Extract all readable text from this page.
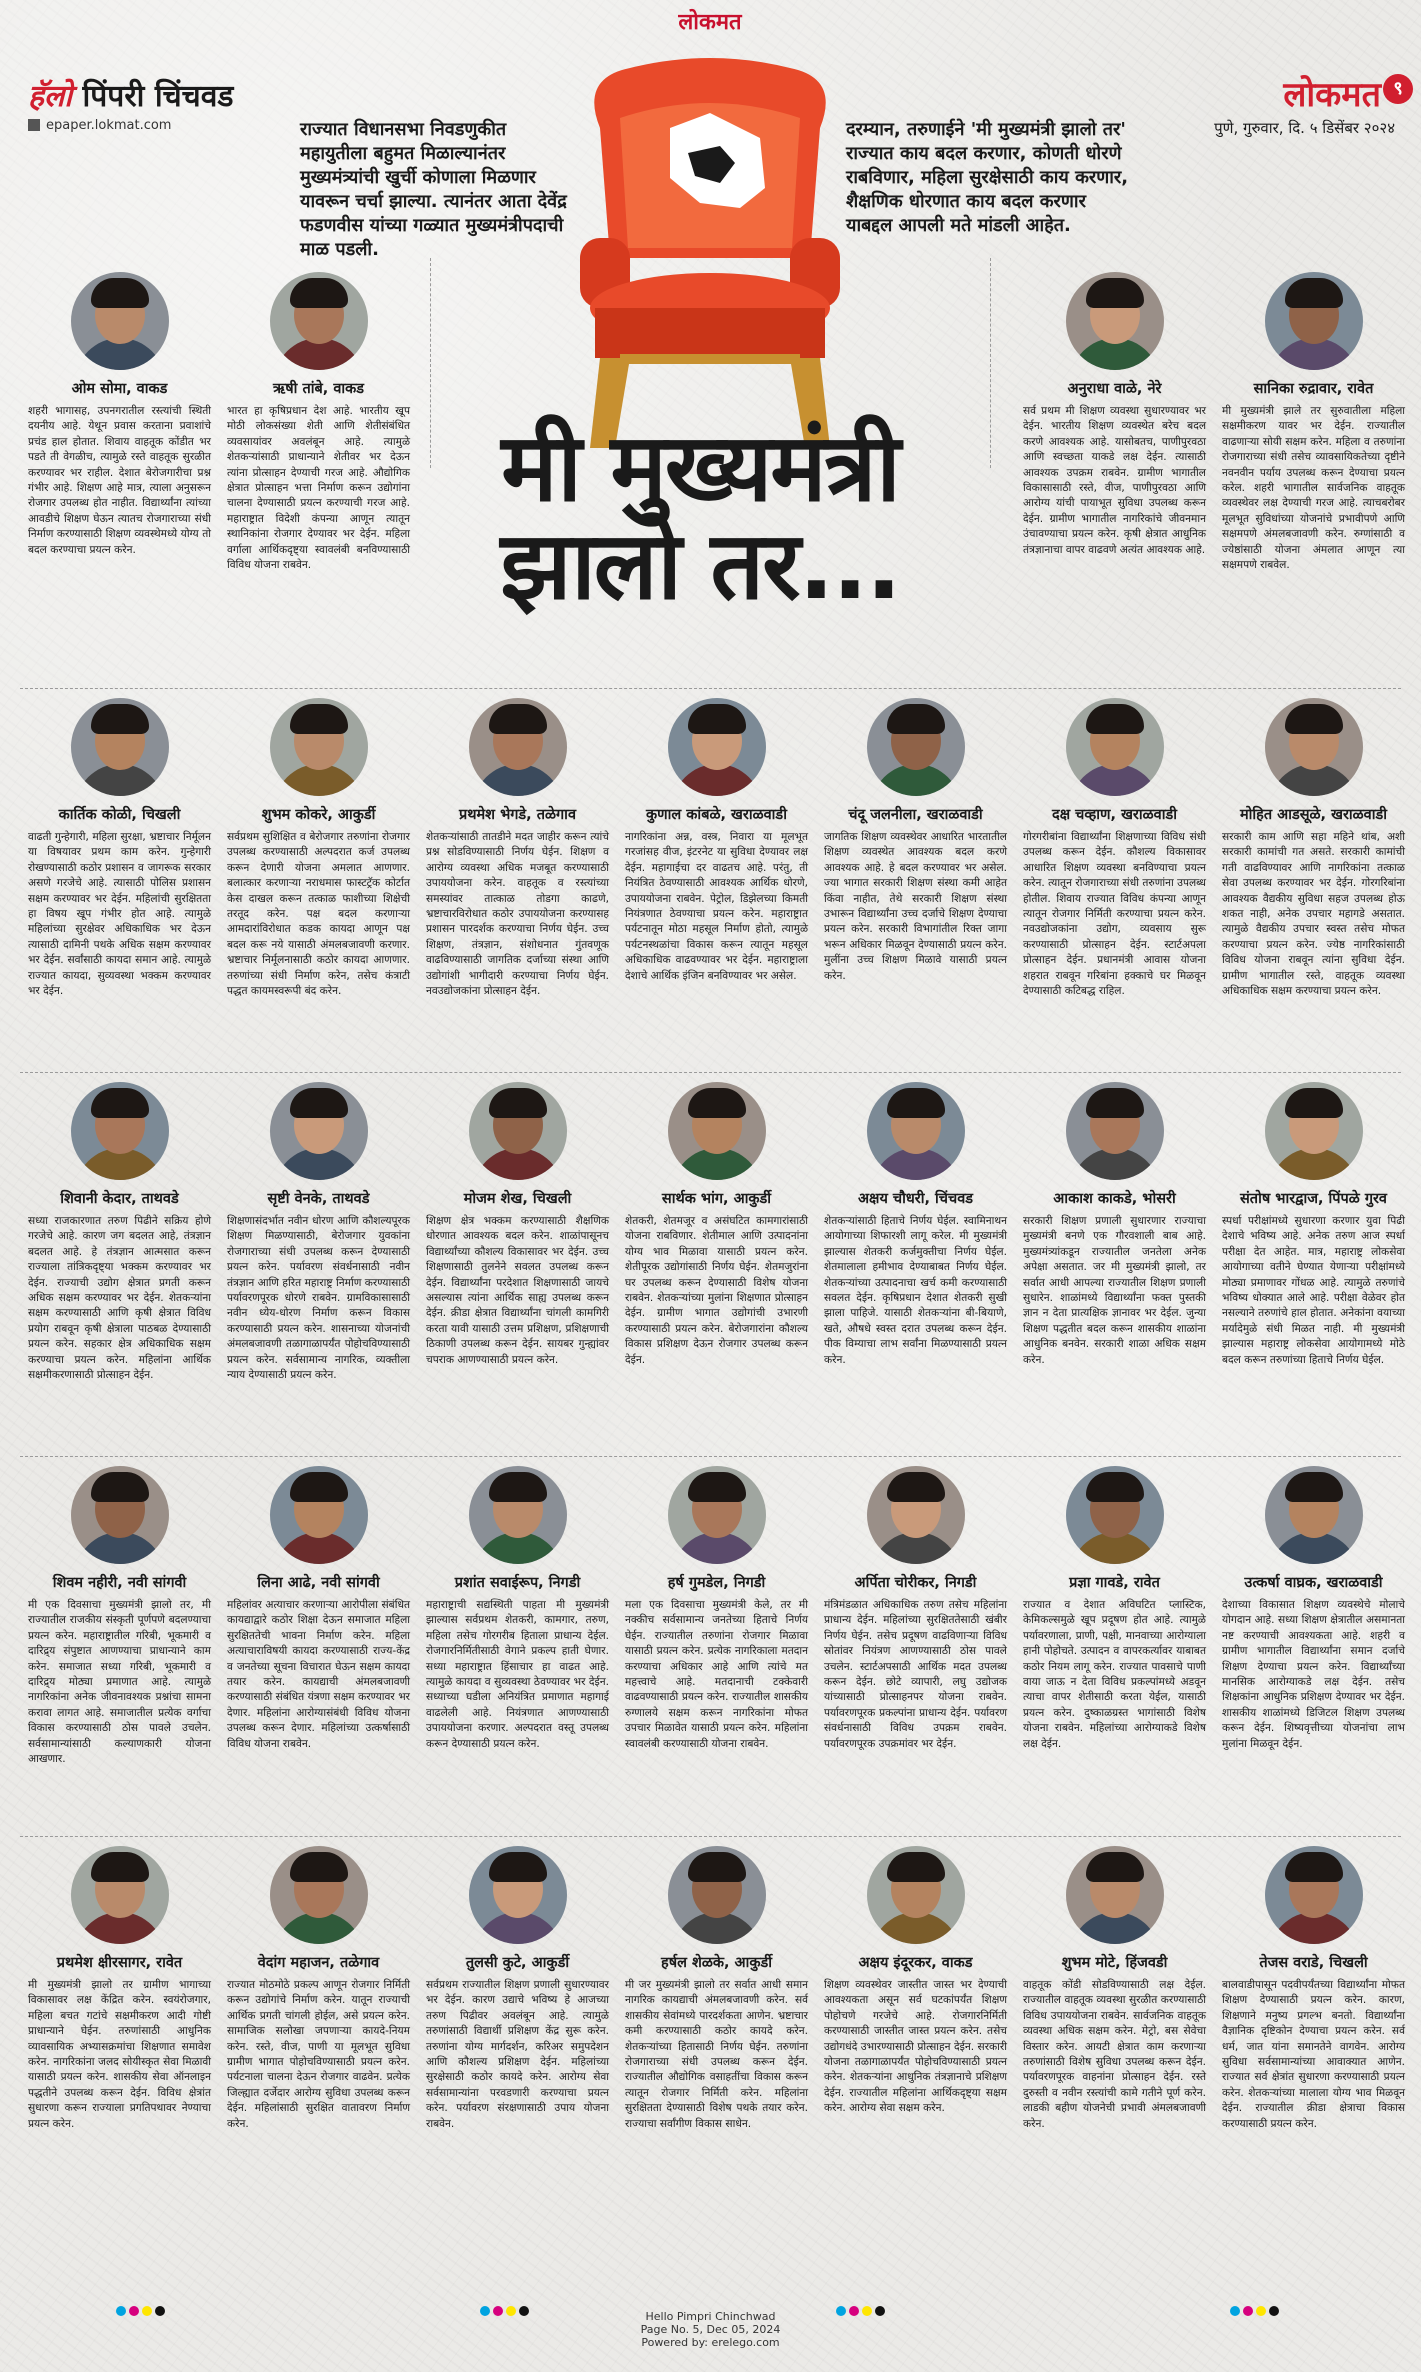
लोकमत
हॅलो पिंपरी चिंचवड
epaper.lokmat.com
लोकमत ९
पुणे, गुरुवार, दि. ५ डिसेंबर २०२४
राज्यात विधानसभा निवडणुकीत महायुतीला बहुमत मिळाल्यानंतर मुख्यमंत्र्यांची खुर्ची कोणाला मिळणार यावरून चर्चा झाल्या. त्यानंतर आता देवेंद्र फडणवीस यांच्या गळ्यात मुख्यमंत्रीपदाची माळ पडली.
दरम्यान, तरुणाईने 'मी मुख्यमंत्री झालो तर' राज्यात काय बदल करणार, कोणती धोरणे राबविणार, महिला सुरक्षेसाठी काय करणार, शैक्षणिक धोरणात काय बदल करणार याबद्दल आपली मते मांडली आहेत.
मी मुख्यमंत्री
झालो तर...
ओम सोमा, वाकड
शहरी भागासह, उपनगरातील रस्त्यांची स्थिती दयनीय आहे. येथून प्रवास करताना प्रवाशांचे प्रचंड हाल होतात. शिवाय वाहतूक कोंडीत भर पडते ती वेगळीच, त्यामुळे रस्ते वाहतूक सुरळीत करण्यावर भर राहील. देशात बेरोजगारीचा प्रश्न गंभीर आहे. शिक्षण आहे मात्र, त्याला अनुसरून रोजगार उपलब्ध होत नाहीत. विद्यार्थ्यांना त्यांच्या आवडीचे शिक्षण घेऊन त्यातच रोजगाराच्या संधी निर्माण करण्यासाठी शिक्षण व्यवस्थेमध्ये योग्य तो बदल करण्याचा प्रयत्न करेन.
ऋषी तांबे, वाकड
भारत हा कृषिप्रधान देश आहे. भारतीय खूप मोठी लोकसंख्या शेती आणि शेतीसंबंधित व्यवसायांवर अवलंबून आहे. त्यामुळे शेतकऱ्यांसाठी प्राधान्याने शेतीवर भर देऊन त्यांना प्रोत्साहन देण्याची गरज आहे. औद्योगिक क्षेत्रात प्रोत्साहन भत्ता निर्माण करून उद्योगांना चालना देण्यासाठी प्रयत्न करण्याची गरज आहे. महाराष्ट्रात विदेशी कंपन्या आणून त्यातून स्थानिकांना रोजगार देण्यावर भर देईन. महिला वर्गाला आर्थिकदृष्ट्या स्वावलंबी बनविण्यासाठी विविध योजना राबवेन.
अनुराधा वाळे, नेरे
सर्व प्रथम मी शिक्षण व्यवस्था सुधारण्यावर भर देईन. भारतीय शिक्षण व्यवस्थेत बरेच बदल करणे आवश्यक आहे. यासोबतच, पाणीपुरवठा आणि स्वच्छता याकडे लक्ष देईन. त्यासाठी आवश्यक उपक्रम राबवेन. ग्रामीण भागातील विकासासाठी रस्ते, वीज, पाणीपुरवठा आणि आरोग्य यांची पायाभूत सुविधा उपलब्ध करून देईन. ग्रामीण भागातील नागरिकांचे जीवनमान उंचावण्याचा प्रयत्न करेन. कृषी क्षेत्रात आधुनिक तंत्रज्ञानाचा वापर वाढवणे अत्यंत आवश्यक आहे.
सानिका रुद्रावार, रावेत
मी मुख्यमंत्री झाले तर सुरुवातीला महिला सक्षमीकरण यावर भर देईन. राज्यातील वाढणाऱ्या सोयी सक्षम करेन. महिला व तरुणांना रोजगाराच्या संधी तसेच व्यावसायिकतेच्या दृष्टीने नवनवीन पर्याय उपलब्ध करून देण्याचा प्रयत्न करेल. शहरी भागातील सार्वजनिक वाहतूक व्यवस्थेवर लक्ष देण्याची गरज आहे. त्याचबरोबर मूलभूत सुविधांच्या योजनांचे प्रभावीपणे आणि सक्षमपणे अंमलबजावणी करेन. रुग्णांसाठी व ज्येष्ठांसाठी योजना अंमलात आणून त्या सक्षमपणे राबवेल.
कार्तिक कोळी, चिखली
वाढती गुन्हेगारी, महिला सुरक्षा, भ्रष्टाचार निर्मूलन या विषयावर प्रथम काम करेन. गुन्हेगारी रोखण्यासाठी कठोर प्रशासन व जागरूक सरकार असणे गरजेचे आहे. त्यासाठी पोलिस प्रशासन सक्षम करण्यावर भर देईन. महिलांची सुरक्षितता हा विषय खूप गंभीर होत आहे. त्यामुळे महिलांच्या सुरक्षेवर अधिकाधिक भर देऊन त्यासाठी दामिनी पथके अधिक सक्षम करण्यावर भर देईन. सर्वांसाठी कायदा समान आहे. त्यामुळे राज्यात कायदा, सुव्यवस्था भक्कम करण्यावर भर देईन.
शुभम कोकरे, आकुर्डी
सर्वप्रथम सुशिक्षित व बेरोजगार तरुणांना रोजगार उपलब्ध करण्यासाठी अल्पदरात कर्ज उपलब्ध करून देणारी योजना अमलात आणणार. बलात्कार करणाऱ्या नराधमास फास्टट्रॅक कोर्टात केस दाखल करून तत्काळ फाशीच्या शिक्षेची तरतूद करेन. पक्ष बदल करणाऱ्या आमदारांविरोधात कडक कायदा आणून पक्ष बदल करू नये यासाठी अंमलबजावणी करणार. भ्रष्टाचार निर्मूलनासाठी कठोर कायदा आणणार. तरुणांच्या संधी निर्माण करेन, तसेच कंत्राटी पद्धत कायमस्वरूपी बंद करेन.
प्रथमेश भेगडे, तळेगाव
शेतकऱ्यांसाठी तातडीने मदत जाहीर करून त्यांचे प्रश्न सोडविण्यासाठी निर्णय घेईन. शिक्षण व आरोग्य व्यवस्था अधिक मजबूत करण्यासाठी उपाययोजना करेन. वाहतूक व रस्त्यांच्या समस्यांवर तात्काळ तोडगा काढणे, भ्रष्टाचारविरोधात कठोर उपाययोजना करण्यासह प्रशासन पारदर्शक करण्याचा निर्णय घेईन. उच्च शिक्षण, तंत्रज्ञान, संशोधनात गुंतवणूक वाढविण्यासाठी जागतिक दर्जाच्या संस्था आणि उद्योगांशी भागीदारी करण्याचा निर्णय घेईन. नवउद्योजकांना प्रोत्साहन देईन.
कुणाल कांबळे, खराळवाडी
नागरिकांना अन्न, वस्त्र, निवारा या मूलभूत गरजांसह वीज, इंटरनेट या सुविधा देण्यावर लक्ष देईन. महागाईचा दर वाढतच आहे. परंतु, ती नियंत्रित ठेवण्यासाठी आवश्यक आर्थिक धोरणे, उपाययोजना राबवेन. पेट्रोल, डिझेलच्या किमती नियंत्रणात ठेवण्याचा प्रयत्न करेन. महाराष्ट्रात पर्यटनातून मोठा महसूल निर्माण होतो, त्यामुळे पर्यटनस्थळांचा विकास करून त्यातून महसूल अधिकाधिक वाढवण्यावर भर देईन. महाराष्ट्राला देशाचे आर्थिक इंजिन बनविण्यावर भर असेल.
चंदू जलनीला, खराळवाडी
जागतिक शिक्षण व्यवस्थेवर आधारित भारतातील शिक्षण व्यवस्थेत आवश्यक बदल करणे आवश्यक आहे. हे बदल करण्यावर भर असेल. ज्या भागात सरकारी शिक्षण संस्था कमी आहेत किंवा नाहीत, तेथे सरकारी शिक्षण संस्था उभारून विद्यार्थ्यांना उच्च दर्जाचे शिक्षण देण्याचा प्रयत्न करेन. सरकारी विभागांतील रिक्त जागा भरून अधिकार मिळवून देण्यासाठी प्रयत्न करेन. मुलींना उच्च शिक्षण मिळावे यासाठी प्रयत्न करेन.
दक्ष चव्हाण, खराळवाडी
गोरगरीबांना विद्यार्थ्यांना शिक्षणाच्या विविध संधी उपलब्ध करून देईन. कौशल्य विकासावर आधारित शिक्षण व्यवस्था बनविण्याचा प्रयत्न करेन. त्यातून रोजगाराच्या संधी तरुणांना उपलब्ध होतील. शिवाय राज्यात विविध कंपन्या आणून त्यातून रोजगार निर्मिती करण्याचा प्रयत्न करेन. नवउद्योजकांना उद्योग, व्यवसाय सुरू करण्यासाठी प्रोत्साहन देईन. स्टार्टअपला प्रोत्साहन देईन. प्रधानमंत्री आवास योजना शहरात राबवून गरिबांना हक्काचे घर मिळवून देण्यासाठी कटिबद्ध राहिल.
मोहित आडसूळे, खराळवाडी
सरकारी काम आणि सहा महिने थांब, अशी सरकारी कामांची गत असते. सरकारी कामांची गती वाढविण्यावर आणि नागरिकांना तत्काळ सेवा उपलब्ध करण्यावर भर देईन. गोरगरिबांना आवश्यक वैद्यकीय सुविधा सहज उपलब्ध होऊ शकत नाही, अनेक उपचार महागडे असतात. त्यामुळे वैद्यकीय उपचार स्वस्त तसेच मोफत करण्याचा प्रयत्न करेन. ज्येष्ठ नागरिकांसाठी विविध योजना राबवून त्यांना सुविधा देईन. ग्रामीण भागातील रस्ते, वाहतूक व्यवस्था अधिकाधिक सक्षम करण्याचा प्रयत्न करेन.
शिवानी केदार, ताथवडे
सध्या राजकारणात तरुण पिढीने सक्रिय होणे गरजेचे आहे. कारण जग बदलत आहे, तंत्रज्ञान बदलत आहे. हे तंत्रज्ञान आत्मसात करून राज्याला तांत्रिकदृष्ट्या भक्कम करण्यावर भर देईन. राज्याची उद्योग क्षेत्रात प्रगती करून अधिक सक्षम करण्यावर भर देईन. शेतकऱ्यांना सक्षम करण्यासाठी आणि कृषी क्षेत्रात विविध प्रयोग राबवून कृषी क्षेत्राला पाठबळ देण्यासाठी प्रयत्न करेन. सहकार क्षेत्र अधिकाधिक सक्षम करण्याचा प्रयत्न करेन. महिलांना आर्थिक सक्षमीकरणासाठी प्रोत्साहन देईन.
सृष्टी वेनके, ताथवडे
शिक्षणासंदर्भात नवीन धोरण आणि कौशल्यपूरक शिक्षण मिळण्यासाठी, बेरोजगार युवकांना रोजगाराच्या संधी उपलब्ध करून देण्यासाठी प्रयत्न करेन. पर्यावरण संवर्धनासाठी नवीन तंत्रज्ञान आणि हरित महाराष्ट्र निर्माण करण्यासाठी पर्यावरणपूरक धोरणे राबवेन. ग्रामविकासासाठी नवीन ध्येय-धोरण निर्माण करून विकास करण्यासाठी प्रयत्न करेन. शासनाच्या योजनांची अंमलबजावणी तळागाळापर्यंत पोहोचविण्यासाठी प्रयत्न करेन. सर्वसामान्य नागरिक, व्यक्तीला न्याय देण्यासाठी प्रयत्न करेन.
मोजम शेख, चिखली
शिक्षण क्षेत्र भक्कम करण्यासाठी शैक्षणिक धोरणात आवश्यक बदल करेन. शाळांपासूनच विद्यार्थ्यांच्या कौशल्य विकासावर भर देईन. उच्च शिक्षणासाठी तुलनेने सवलत उपलब्ध करून देईन. विद्यार्थ्यांना परदेशात शिक्षणासाठी जायचे असल्यास त्यांना आर्थिक साह्य उपलब्ध करून देईन. क्रीडा क्षेत्रात विद्यार्थ्यांना चांगली कामगिरी करता यावी यासाठी उत्तम प्रशिक्षण, प्रशिक्षणाची ठिकाणी उपलब्ध करून देईन. सायबर गुन्ह्यांवर चपराक आणण्यासाठी प्रयत्न करेन.
सार्थक भांग, आकुर्डी
शेतकरी, शेतमजूर व असंघटित कामगारांसाठी योजना राबविणार. शेतीमाल आणि उत्पादनांना योग्य भाव मिळावा यासाठी प्रयत्न करेन. शेतीपूरक उद्योगांसाठी निर्णय घेईन. शेतमजुरांना घर उपलब्ध करून देण्यासाठी विशेष योजना राबवेन. शेतकऱ्यांच्या मुलांना शिक्षणात प्रोत्साहन देईन. ग्रामीण भागात उद्योगांची उभारणी करण्यासाठी प्रयत्न करेन. बेरोजगारांना कौशल्य विकास प्रशिक्षण देऊन रोजगार उपलब्ध करून देईन.
अक्षय चौधरी, चिंचवड
शेतकऱ्यांसाठी हिताचे निर्णय घेईल. स्वामिनाथन आयोगाच्या शिफारशी लागू करेल. मी मुख्यमंत्री झाल्यास शेतकरी कर्जमुक्तीचा निर्णय घेईल. शेतमालाला हमीभाव देण्याबाबत निर्णय घेईल. शेतकऱ्यांच्या उत्पादनाचा खर्च कमी करण्यासाठी सवलत देईन. कृषिप्रधान देशात शेतकरी सुखी झाला पाहिजे. यासाठी शेतकऱ्यांना बी-बियाणे, खते, औषधे स्वस्त दरात उपलब्ध करून देईन. पीक विम्याचा लाभ सर्वांना मिळण्यासाठी प्रयत्न करेन.
आकाश काकडे, भोसरी
सरकारी शिक्षण प्रणाली सुधारणार राज्याचा मुख्यमंत्री बनणे एक गौरवशाली बाब आहे. मुख्यमंत्र्यांकडून राज्यातील जनतेला अनेक अपेक्षा असतात. जर मी मुख्यमंत्री झालो, तर सर्वात आधी आपल्या राज्यातील शिक्षण प्रणाली सुधारेन. शाळांमध्ये विद्यार्थ्यांना फक्त पुस्तकी ज्ञान न देता प्रात्यक्षिक ज्ञानावर भर देईल. जुन्या शिक्षण पद्धतीत बदल करून शासकीय शाळांना आधुनिक बनवेन. सरकारी शाळा अधिक सक्षम करेन.
संतोष भारद्वाज, पिंपळे गुरव
स्पर्धा परीक्षांमध्ये सुधारणा करणार युवा पिढी देशाचे भविष्य आहे. अनेक तरुण आज स्पर्धा परीक्षा देत आहेत. मात्र, महाराष्ट्र लोकसेवा आयोगाच्या वतीने घेण्यात येणाऱ्या परीक्षांमध्ये मोठ्या प्रमाणावर गोंधळ आहे. त्यामुळे तरुणांचे भविष्य धोक्यात आले आहे. परीक्षा वेळेवर होत नसल्याने तरुणांचे हाल होतात. अनेकांना वयाच्या मर्यादेमुळे संधी मिळत नाही. मी मुख्यमंत्री झाल्यास महाराष्ट्र लोकसेवा आयोगामध्ये मोठे बदल करून तरुणांच्या हिताचे निर्णय घेईल.
शिवम नहीरी, नवी सांगवी
मी एक दिवसाचा मुख्यमंत्री झालो तर, मी राज्यातील राजकीय संस्कृती पूर्णपणे बदलण्याचा प्रयत्न करेन. महाराष्ट्रातील गरिबी, भूकमारी व दारिद्र्य संपुष्टात आणण्याचा प्राधान्याने काम करेन. समाजात सध्या गरिबी, भूकमारी व दारिद्र्य मोठ्या प्रमाणात आहे. त्यामुळे नागरिकांना अनेक जीवनावश्यक प्रश्नांचा सामना करावा लागत आहे. समाजातील प्रत्येक वर्गाचा विकास करण्यासाठी ठोस पावले उचलेन. सर्वसामान्यांसाठी कल्याणकारी योजना आखणार.
लिना आढे, नवी सांगवी
महिलांवर अत्याचार करणाऱ्या आरोपीला संबंधित कायद्याद्वारे कठोर शिक्षा देऊन समाजात महिला सुरक्षिततेची भावना निर्माण करेन. महिला अत्याचाराविषयी कायदा करण्यासाठी राज्य-केंद्र व जनतेच्या सूचना विचारात घेऊन सक्षम कायदा तयार करेन. कायद्याची अंमलबजावणी करण्यासाठी संबंधित यंत्रणा सक्षम करण्यावर भर देणार. महिलांना आरोग्यासंबंधी विविध योजना उपलब्ध करून देणार. महिलांच्या उत्कर्षासाठी विविध योजना राबवेन.
प्रशांत सवाईरूप, निगडी
महाराष्ट्राची सद्यस्थिती पाहता मी मुख्यमंत्री झाल्यास सर्वप्रथम शेतकरी, कामगार, तरुण, महिला तसेच गोरगरीब हिताला प्राधान्य देईल. रोजगारनिर्मितीसाठी वेगाने प्रकल्प हाती घेणार. सध्या महाराष्ट्रात हिंसाचार हा वाढत आहे. त्यामुळे कायदा व सुव्यवस्था ठेवण्यावर भर देईन. सध्याच्या घडीला अनियंत्रित प्रमाणात महागाई वाढलेली आहे. नियंत्रणात आणण्यासाठी उपाययोजना करणार. अल्पदरात वस्तू उपलब्ध करून देण्यासाठी प्रयत्न करेन.
हर्ष गुमडेल, निगडी
मला एक दिवसाचा मुख्यमंत्री केले, तर मी नक्कीच सर्वसामान्य जनतेच्या हिताचे निर्णय घेईन. राज्यातील तरुणांना रोजगार मिळावा यासाठी प्रयत्न करेन. प्रत्येक नागरिकाला मतदान करण्याचा अधिकार आहे आणि त्यांचे मत महत्त्वाचे आहे. मतदानाची टक्केवारी वाढवण्यासाठी प्रयत्न करेन. राज्यातील शासकीय रुग्णालये सक्षम करून नागरिकांना मोफत उपचार मिळावेत यासाठी प्रयत्न करेन. महिलांना स्वावलंबी करण्यासाठी योजना राबवेन.
अर्पिता चोरीकर, निगडी
मंत्रिमंडळात अधिकाधिक तरुण तसेच महिलांना प्राधान्य देईन. महिलांच्या सुरक्षिततेसाठी खंबीर निर्णय घेईन. तसेच प्रदूषण वाढविणाऱ्या विविध स्रोतांवर नियंत्रण आणण्यासाठी ठोस पावले उचलेन. स्टार्टअपसाठी आर्थिक मदत उपलब्ध करून देईन. छोटे व्यापारी, लघु उद्योजक यांच्यासाठी प्रोत्साहनपर योजना राबवेन. पर्यावरणपूरक प्रकल्पांना प्राधान्य देईन. पर्यावरण संवर्धनासाठी विविध उपक्रम राबवेन. पर्यावरणपूरक उपक्रमांवर भर देईन.
प्रज्ञा गावडे, रावेत
राज्यात व देशात अविघटित प्लास्टिक, केमिकल्समुळे खूप प्रदूषण होत आहे. त्यामुळे पर्यावरणाला, प्राणी, पक्षी, मानवाच्या आरोग्याला हानी पोहोचते. उत्पादन व वापरकर्त्यावर याबाबत कठोर नियम लागू करेन. राज्यात पावसाचे पाणी वाया जाऊ न देता विविध प्रकल्पांमध्ये अडवून त्याचा वापर शेतीसाठी करता येईल, यासाठी प्रयत्न करेन. दुष्काळग्रस्त भागांसाठी विशेष योजना राबवेन. महिलांच्या आरोग्याकडे विशेष लक्ष देईन.
उत्कर्षा वाघ्रक, खराळवाडी
देशाच्या विकासात शिक्षण व्यवस्थेचे मोलाचे योगदान आहे. सध्या शिक्षण क्षेत्रातील असमानता नष्ट करण्याची आवश्यकता आहे. शहरी व ग्रामीण भागातील विद्यार्थ्यांना समान दर्जाचे शिक्षण देण्याचा प्रयत्न करेन. विद्यार्थ्यांच्या मानसिक आरोग्याकडे लक्ष देईन. तसेच शिक्षकांना आधुनिक प्रशिक्षण देण्यावर भर देईन. शासकीय शाळांमध्ये डिजिटल शिक्षण उपलब्ध करून देईन. शिष्यवृत्तीच्या योजनांचा लाभ मुलांना मिळवून देईन.
प्रथमेश क्षीरसागर, रावेत
मी मुख्यमंत्री झालो तर ग्रामीण भागाच्या विकासावर लक्ष केंद्रित करेन. स्वयंरोजगार, महिला बचत गटांचे सक्षमीकरण आदी गोष्टी प्राधान्याने घेईन. तरुणांसाठी आधुनिक व्यावसायिक अभ्यासक्रमांचा शिक्षणात समावेश करेन. नागरिकांना जलद सोयीस्कृत सेवा मिळावी यासाठी प्रयत्न करेन. शासकीय सेवा ऑनलाइन पद्धतीने उपलब्ध करून देईन. विविध क्षेत्रांत सुधारणा करून राज्याला प्रगतिपथावर नेण्याचा प्रयत्न करेन.
वेदांग महाजन, तळेगाव
राज्यात मोठमोठे प्रकल्प आणून रोजगार निर्मिती करून उद्योगांचे निर्माण करेन. यातून राज्याची आर्थिक प्रगती चांगली होईल, असे प्रयत्न करेन. सामाजिक सलोखा जपणाऱ्या कायदे-नियम करेन. रस्ते, वीज, पाणी या मूलभूत सुविधा ग्रामीण भागात पोहोचविण्यासाठी प्रयत्न करेन. पर्यटनाला चालना देऊन रोजगार वाढवेन. प्रत्येक जिल्ह्यात दर्जेदार आरोग्य सुविधा उपलब्ध करून देईन. महिलांसाठी सुरक्षित वातावरण निर्माण करेन.
तुलसी कुटे, आकुर्डी
सर्वप्रथम राज्यातील शिक्षण प्रणाली सुधारण्यावर भर देईन. कारण उद्याचे भविष्य हे आजच्या तरुण पिढीवर अवलंबून आहे. त्यामुळे तरुणांसाठी विद्यार्थी प्रशिक्षण केंद्र सुरू करेन. तरुणांना योग्य मार्गदर्शन, करिअर समुपदेशन आणि कौशल्य प्रशिक्षण देईन. महिलांच्या सुरक्षेसाठी कठोर कायदे करेन. आरोग्य सेवा सर्वसामान्यांना परवडणारी करण्याचा प्रयत्न करेन. पर्यावरण संरक्षणासाठी उपाय योजना राबवेन.
हर्षल शेळके, आकुर्डी
मी जर मुख्यमंत्री झालो तर सर्वात आधी समान नागरिक कायद्याची अंमलबजावणी करेन. सर्व शासकीय सेवांमध्ये पारदर्शकता आणेन. भ्रष्टाचार कमी करण्यासाठी कठोर कायदे करेन. शेतकऱ्यांच्या हितासाठी निर्णय घेईन. तरुणांना रोजगाराच्या संधी उपलब्ध करून देईन. राज्यातील औद्योगिक वसाहतींचा विकास करून त्यातून रोजगार निर्मिती करेन. महिलांना सुरक्षितता देण्यासाठी विशेष पथके तयार करेन. राज्याचा सर्वांगीण विकास साधेन.
अक्षय इंदूरकर, वाकड
शिक्षण व्यवस्थेवर जास्तीत जास्त भर देण्याची आवश्यकता असून सर्व घटकांपर्यंत शिक्षण पोहोचणे गरजेचे आहे. रोजगारनिर्मिती करण्यासाठी जास्तीत जास्त प्रयत्न करेन. तसेच उद्योगधंदे उभारण्यासाठी प्रोत्साहन देईन. सरकारी योजना तळागाळापर्यंत पोहोचविण्यासाठी प्रयत्न करेन. शेतकऱ्यांना आधुनिक तंत्रज्ञानाचे प्रशिक्षण देईन. राज्यातील महिलांना आर्थिकदृष्ट्या सक्षम करेन. आरोग्य सेवा सक्षम करेन.
शुभम मोटे, हिंजवडी
वाहतूक कोंडी सोडविण्यासाठी लक्ष देईल. राज्यातील वाहतूक व्यवस्था सुरळीत करण्यासाठी विविध उपाययोजना राबवेन. सार्वजनिक वाहतूक व्यवस्था अधिक सक्षम करेन. मेट्रो, बस सेवेचा विस्तार करेन. आयटी क्षेत्रात काम करणाऱ्या तरुणांसाठी विशेष सुविधा उपलब्ध करून देईन. पर्यावरणपूरक वाहनांना प्रोत्साहन देईन. रस्ते दुरुस्ती व नवीन रस्त्यांची कामे गतीने पूर्ण करेन. लाडकी बहीण योजनेची प्रभावी अंमलबजावणी करेन.
तेजस वराडे, चिखली
बालवाडीपासून पदवीपर्यंतच्या विद्यार्थ्यांना मोफत शिक्षण देण्यासाठी प्रयत्न करेन. कारण, शिक्षणाने मनुष्य प्रगल्भ बनतो. विद्यार्थ्यांना वैज्ञानिक दृष्टिकोन देण्याचा प्रयत्न करेन. सर्व धर्म, जात यांना समानतेने वागवेन. आरोग्य सुविधा सर्वसामान्यांच्या आवाक्यात आणेन. राज्यात सर्व क्षेत्रांत सुधारणा करण्यासाठी प्रयत्न करेन. शेतकऱ्यांच्या मालाला योग्य भाव मिळवून देईन. राज्यातील क्रीडा क्षेत्राचा विकास करण्यासाठी प्रयत्न करेन.
Hello Pimpri Chinchwad
Page No. 5, Dec 05, 2024
Powered by: erelego.com
